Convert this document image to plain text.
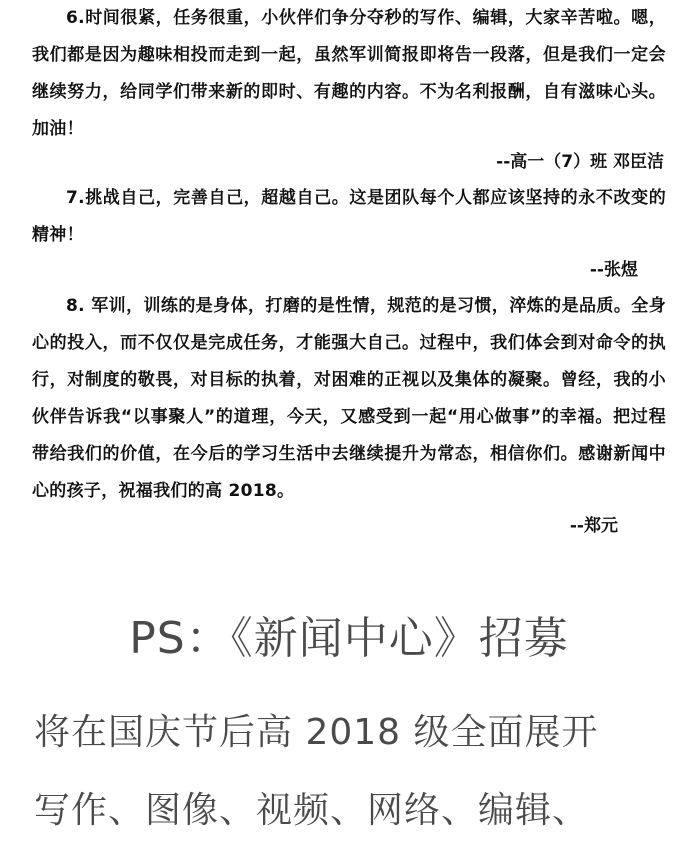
6.时间很紧，任务很重，小伙伴们争分夺秒的写作、编辑，大家辛苦啦。嗯，我们都是因为趣味相投而走到一起，虽然军训简报即将告一段落，但是我们一定会继续努力，给同学们带来新的即时、有趣的内容。不为名利报酬，自有滋味心头。加油！

--高一（7）班 邓臣洁

7.挑战自己，完善自己，超越自己。这是团队每个人都应该坚持的永不改变的精神！

--张煜

8. 军训，训练的是身体，打磨的是性情，规范的是习惯，淬炼的是品质。全身心的投入，而不仅仅是完成任务，才能强大自己。过程中，我们体会到对命令的执行，对制度的敬畏，对目标的执着，对困难的正视以及集体的凝聚。曾经，我的小伙伴告诉我“以事聚人”的道理，今天，又感受到一起“用心做事”的幸福。把过程带给我们的价值，在今后的学习生活中去继续提升为常态，相信你们。感谢新闻中心的孩子，祝福我们的高 2018。

--郑元

PS：《新闻中心》招募
将在国庆节后高 2018 级全面展开
写作、图像、视频、网络、编辑、
